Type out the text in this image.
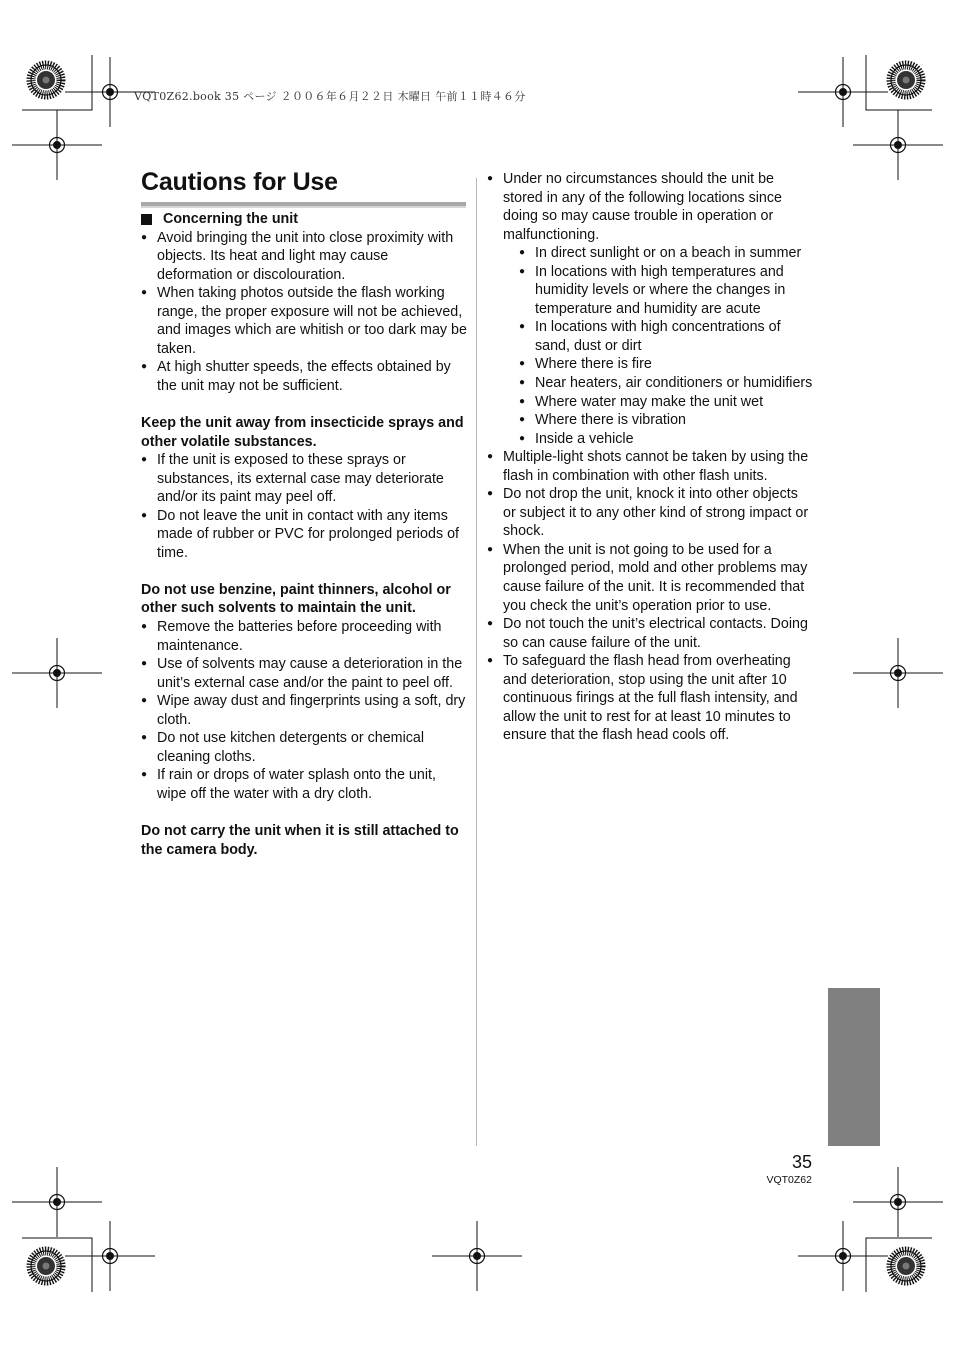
VQT0Z62.book 35 ページ ２００６年６月２２日 木曜日 午前１１時４６分
Cautions for Use

Concerning the unit

● Avoid bringing the unit into close proximity with objects. Its heat and light may cause deformation or discolouration.
● When taking photos outside the flash working range, the proper exposure will not be achieved, and images which are whitish or too dark may be taken.
● At high shutter speeds, the effects obtained by the unit may not be sufficient.

Keep the unit away from insecticide sprays and other volatile substances.

● If the unit is exposed to these sprays or substances, its external case may deteriorate and/or its paint may peel off.
● Do not leave the unit in contact with any items made of rubber or PVC for prolonged periods of time.

Do not use benzine, paint thinners, alcohol or other such solvents to maintain the unit.

● Remove the batteries before proceeding with maintenance.
● Use of solvents may cause a deterioration in the unit’s external case and/or the paint to peel off.
● Wipe away dust and fingerprints using a soft, dry cloth.
● Do not use kitchen detergents or chemical cleaning cloths.
● If rain or drops of water splash onto the unit, wipe off the water with a dry cloth.

Do not carry the unit when it is still attached to the camera body.

● Under no circumstances should the unit be stored in any of the following locations since doing so may cause trouble in operation or malfunctioning.
● In direct sunlight or on a beach in summer
● In locations with high temperatures and humidity levels or where the changes in temperature and humidity are acute
● In locations with high concentrations of sand, dust or dirt
● Where there is fire
● Near heaters, air conditioners or humidifiers
● Where water may make the unit wet
● Where there is vibration
● Inside a vehicle
● Multiple-light shots cannot be taken by using the flash in combination with other flash units.
● Do not drop the unit, knock it into other objects or subject it to any other kind of strong impact or shock.
● When the unit is not going to be used for a prolonged period, mold and other problems may cause failure of the unit. It is recommended that you check the unit’s operation prior to use.
● Do not touch the unit’s electrical contacts. Doing so can cause failure of the unit.
● To safeguard the flash head from overheating and deterioration, stop using the unit after 10 continuous firings at the full flash intensity, and allow the unit to rest for at least 10 minutes to ensure that the flash head cools off.
35
VQT0Z62
